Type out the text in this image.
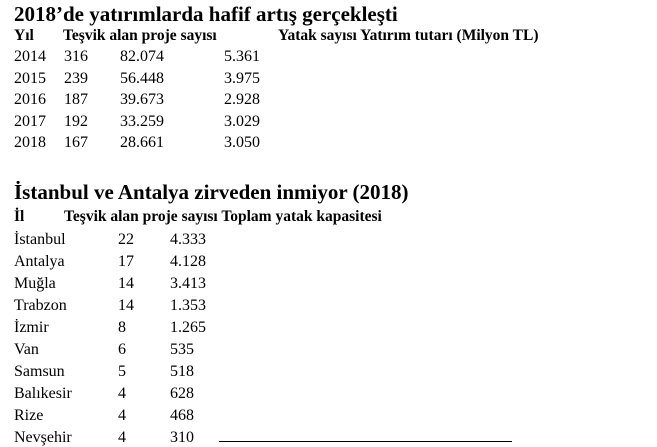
2018’de yatırımlarda hafif artış gerçekleşti
Yıl Teşvik alan proje sayısı	Yatak sayısı Yatırım tutarı (Milyon TL)
2014 316 82.074	5.361
2015 239 56.448	3.975
2016 187 39.673	2.928
2017 192 33.259	3.029
2018 167 28.661	3.050
İstanbul ve Antalya zirveden inmiyor (2018)
İl	Teşvik alan proje sayısı Toplam yatak kapasitesi
İstanbul	22 4.333
Antalya	17 4.128
Muğla	14 3.413
Trabzon	14 1.353
İzmir	8	1.265
Van	6	535
Samsun	5	518
Balıkesir	4	628
Rize	4	468
Nevşehir	4	310
